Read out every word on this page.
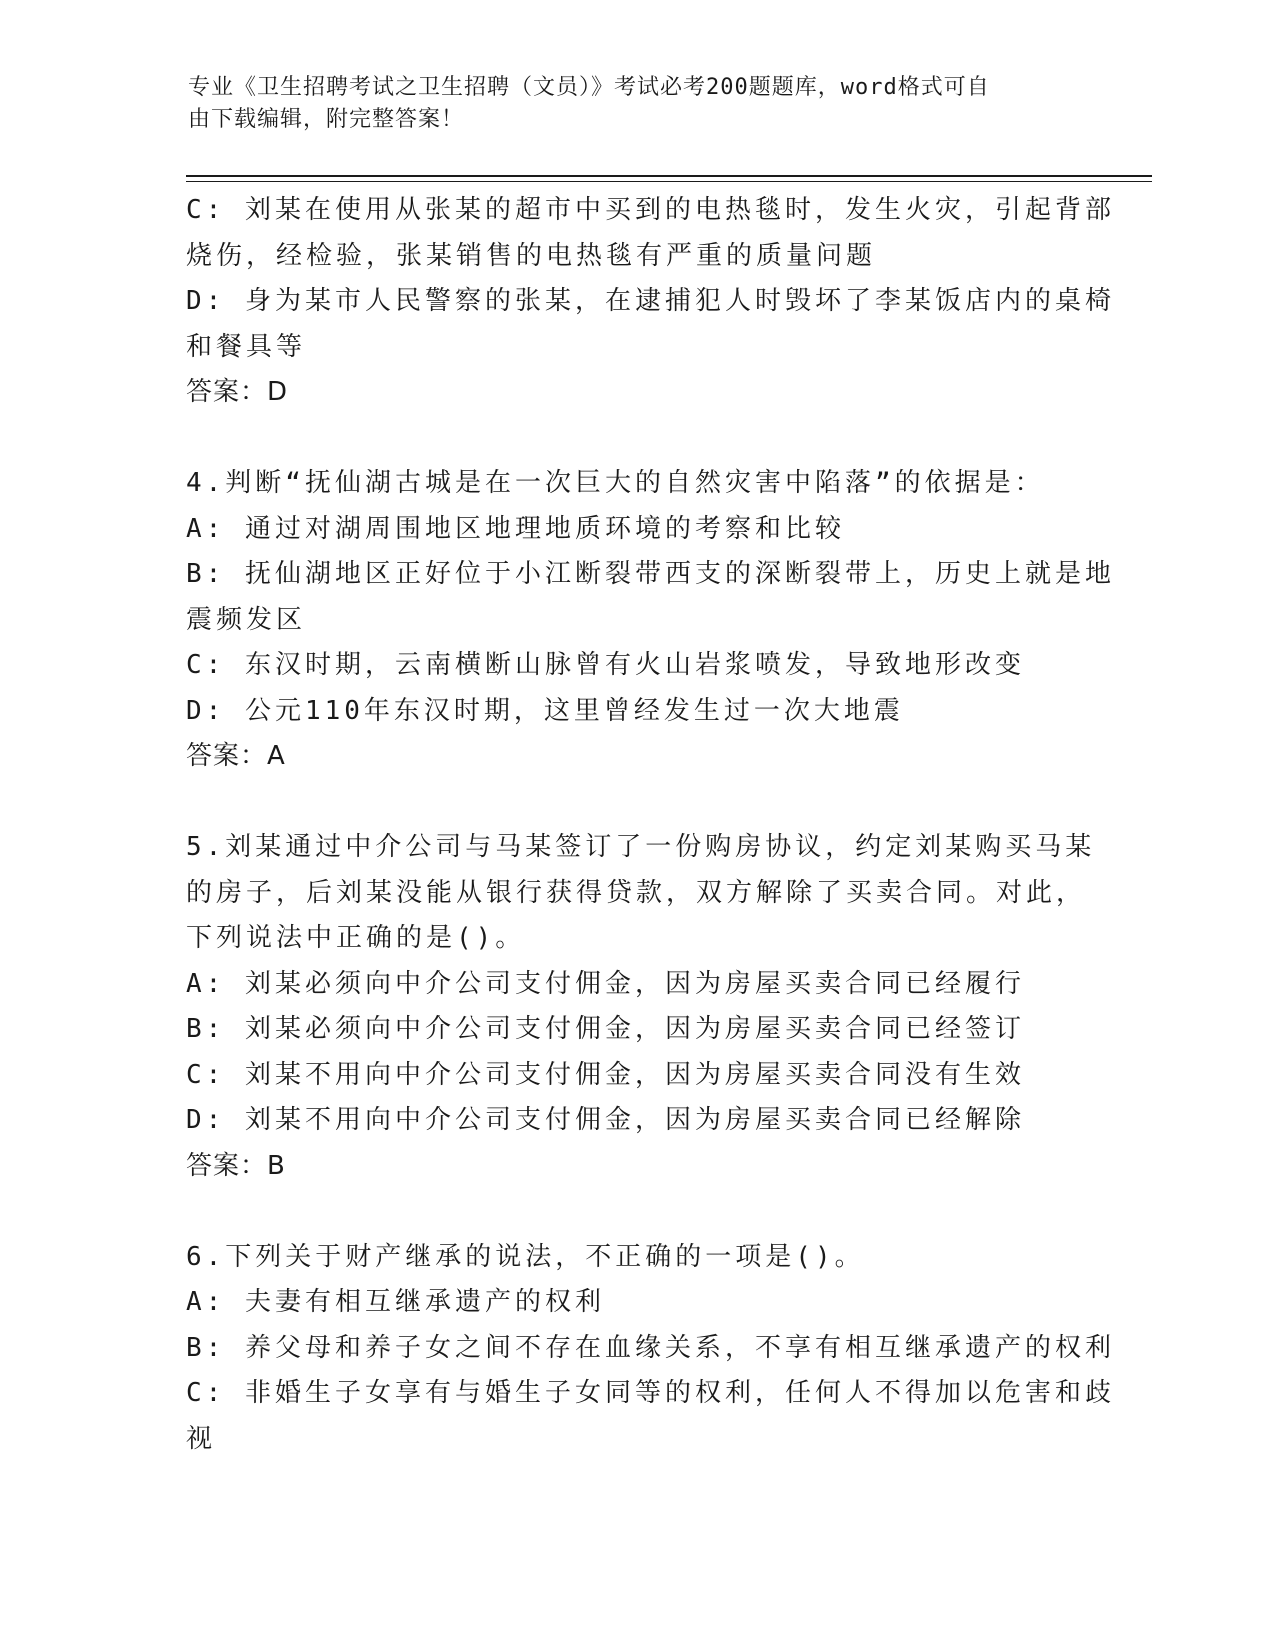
专业《卫生招聘考试之卫生招聘（文员）》考试必考200题题库，word格式可自
由下载编辑，附完整答案！
C: 刘某在使用从张某的超市中买到的电热毯时，发生火灾，引起背部
烧伤，经检验，张某销售的电热毯有严重的质量问题
D: 身为某市人民警察的张某，在逮捕犯人时毁坏了李某饭店内的桌椅
和餐具等
答案：D
4.判断“抚仙湖古城是在一次巨大的自然灾害中陷落”的依据是：
A: 通过对湖周围地区地理地质环境的考察和比较
B: 抚仙湖地区正好位于小江断裂带西支的深断裂带上，历史上就是地
震频发区
C: 东汉时期，云南横断山脉曾有火山岩浆喷发，导致地形改变
D: 公元110年东汉时期，这里曾经发生过一次大地震
答案：A
5.刘某通过中介公司与马某签订了一份购房协议，约定刘某购买马某
的房子，后刘某没能从银行获得贷款，双方解除了买卖合同。对此，
下列说法中正确的是()。
A: 刘某必须向中介公司支付佣金，因为房屋买卖合同已经履行
B: 刘某必须向中介公司支付佣金，因为房屋买卖合同已经签订
C: 刘某不用向中介公司支付佣金，因为房屋买卖合同没有生效
D: 刘某不用向中介公司支付佣金，因为房屋买卖合同已经解除
答案：B
6.下列关于财产继承的说法，不正确的一项是()。
A: 夫妻有相互继承遗产的权利
B: 养父母和养子女之间不存在血缘关系，不享有相互继承遗产的权利
C: 非婚生子女享有与婚生子女同等的权利，任何人不得加以危害和歧
视
